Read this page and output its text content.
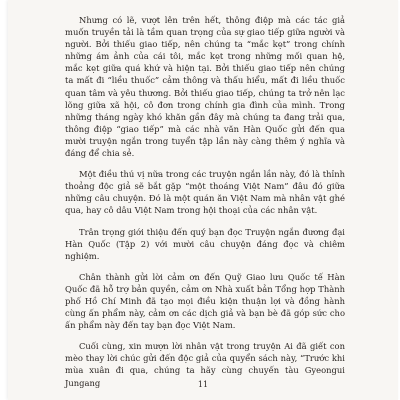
Nhưng có lẽ, vượt lên trên hết, thông điệp mà các tác giả muốn truyền tải là tầm quan trọng của sự giao tiếp giữa người và người. Bởi thiếu giao tiếp, nên chúng ta “mắc kẹt” trong chính những ám ảnh của cái tôi, mắc kẹt trong những mối quan hệ, mắc kẹt giữa quá khứ và hiện tại. Bởi thiếu giao tiếp nên chúng ta mất đi “liều thuốc” cảm thông và thấu hiểu, mất đi liều thuốc quan tâm và yêu thương. Bởi thiếu giao tiếp, chúng ta trở nên lạc lõng giữa xã hội, cô đơn trong chính gia đình của mình. Trong những tháng ngày khó khăn gần đây mà chúng ta đang trải qua, thông điệp “giao tiếp” mà các nhà văn Hàn Quốc gửi đến qua mười truyện ngắn trong tuyển tập lần này càng thêm ý nghĩa và đáng để chia sẻ.

Một điều thú vị nữa trong các truyện ngắn lần này, đó là thỉnh thoảng độc giả sẽ bắt gặp “một thoáng Việt Nam” đâu đó giữa những câu chuyện. Đó là một quán ăn Việt Nam mà nhân vật ghé qua, hay cô dâu Việt Nam trong hội thoại của các nhân vật.

Trân trọng giới thiệu đến quý bạn đọc Truyện ngắn đương đại Hàn Quốc (Tập 2) với mười câu chuyện đáng đọc và chiêm nghiệm.

Chân thành gửi lời cảm ơn đến Quỹ Giao lưu Quốc tế Hàn Quốc đã hỗ trợ bản quyền, cảm ơn Nhà xuất bản Tổng hợp Thành phố Hồ Chí Minh đã tạo mọi điều kiện thuận lợi và đồng hành cùng ấn phẩm này, cảm ơn các dịch giả và bạn bè đã góp sức cho ấn phẩm này đến tay bạn đọc Việt Nam.

Cuối cùng, xin mượn lời nhân vật trong truyện Ai đã giết con mèo thay lời chúc gửi đến độc giả của quyển sách này, “Trước khi mùa xuân đi qua, chúng ta hãy cùng chuyến tàu Gyeongui Jungang	11
